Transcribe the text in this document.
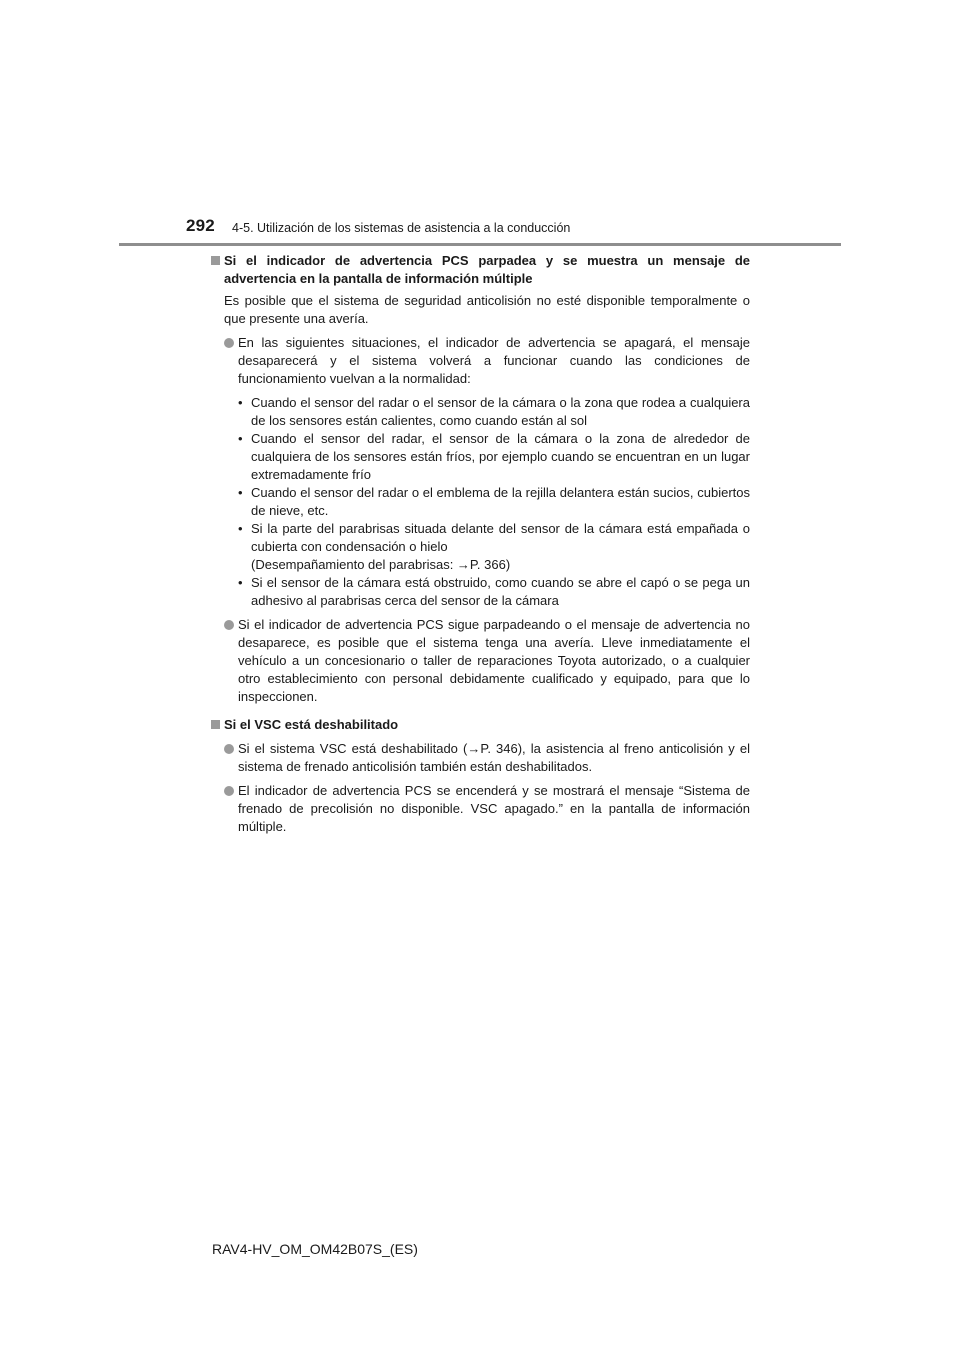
292 4-5. Utilización de los sistemas de asistencia a la conducción

Si el indicador de advertencia PCS parpadea y se muestra un mensaje de advertencia en la pantalla de información múltiple

Es posible que el sistema de seguridad anticolisión no esté disponible temporalmente o que presente una avería.

En las siguientes situaciones, el indicador de advertencia se apagará, el mensaje desaparecerá y el sistema volverá a funcionar cuando las condiciones de funcionamiento vuelvan a la normalidad:
• Cuando el sensor del radar o el sensor de la cámara o la zona que rodea a cualquiera de los sensores están calientes, como cuando están al sol
• Cuando el sensor del radar, el sensor de la cámara o la zona de alrededor de cualquiera de los sensores están fríos, por ejemplo cuando se encuentran en un lugar extremadamente frío
• Cuando el sensor del radar o el emblema de la rejilla delantera están sucios, cubiertos de nieve, etc.
• Si la parte del parabrisas situada delante del sensor de la cámara está empañada o cubierta con condensación o hielo
(Desempañamiento del parabrisas: →P. 366)
• Si el sensor de la cámara está obstruido, como cuando se abre el capó o se pega un adhesivo al parabrisas cerca del sensor de la cámara
Si el indicador de advertencia PCS sigue parpadeando o el mensaje de advertencia no desaparece, es posible que el sistema tenga una avería. Lleve inmediatamente el vehículo a un concesionario o taller de reparaciones Toyota autorizado, o a cualquier otro establecimiento con personal debidamente cualificado y equipado, para que lo inspeccionen.

Si el VSC está deshabilitado

Si el sistema VSC está deshabilitado (→P. 346), la asistencia al freno anticolisión y el sistema de frenado anticolisión también están deshabilitados.
El indicador de advertencia PCS se encenderá y se mostrará el mensaje “Sistema de frenado de precolisión no disponible. VSC apagado.” en la pantalla de información múltiple.
RAV4-HV_OM_OM42B07S_(ES)
